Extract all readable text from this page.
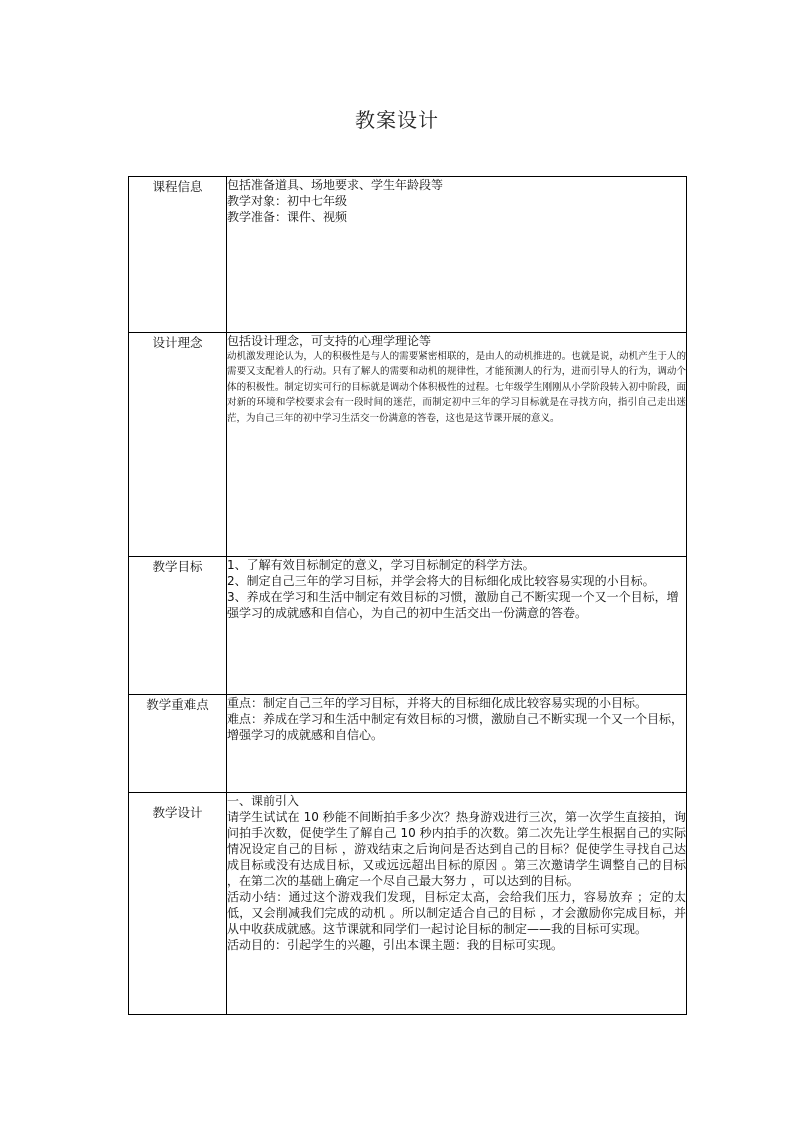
教案设计
课程信息	包括准备道具、场地要求、学生年龄段等

教学对象：初中七年级

教学准备：课件、视频

设计理念	包括设计理念，可支持的心理学理论等

动机激发理论认为，人的积极性是与人的需要紧密相联的，是由人的动机推进的。也就是说，动机产生于人的需要又支配着人的行动。只有了解人的需要和动机的规律性，才能预测人的行为，进而引导人的行为，调动个体的积极性。制定切实可行的目标就是调动个体积极性的过程。七年级学生刚刚从小学阶段转入初中阶段，面对新的环境和学校要求会有一段时间的迷茫，而制定初中三年的学习目标就是在寻找方向，指引自己走出迷茫，为自己三年的初中学习生活交一份满意的答卷，这也是这节课开展的意义。

教学目标	1、了解有效目标制定的意义，学习目标制定的科学方法。

2、制定自己三年的学习目标，并学会将大的目标细化成比较容易实现的小目标。

3、养成在学习和生活中制定有效目标的习惯，激励自己不断实现一个又一个目标，增强学习的成就感和自信心，为自己的初中生活交出一份满意的答卷。

教学重难点	重点：制定自己三年的学习目标，并将大的目标细化成比较容易实现的小目标。

难点：养成在学习和生活中制定有效目标的习惯，激励自己不断实现一个又一个目标，增强学习的成就感和自信心。

教学设计	一、课前引入

请学生试试在 10 秒能不间断拍手多少次？热身游戏进行三次，第一次学生直接拍，询问拍手次数，促使学生了解自己 10 秒内拍手的次数。第二次先让学生根据自己的实际情况设定自己的目标 ，游戏结束之后询问是否达到自己的目标？促使学生寻找自己达成目标或没有达成目标，又或远远超出目标的原因 。第三次邀请学生调整自己的目标 ，在第二次的基础上确定一个尽自己最大努力 ，可以达到的目标。

活动小结：通过这个游戏我们发现，目标定太高，会给我们压力，容易放弃 ；定的太低，又会削减我们完成的动机 。所以制定适合自己的目标 ，才会激励你完成目标，并从中收获成就感。这节课就和同学们一起讨论目标的制定——我的目标可实现。

活动目的：引起学生的兴趣，引出本课主题：我的目标可实现。
